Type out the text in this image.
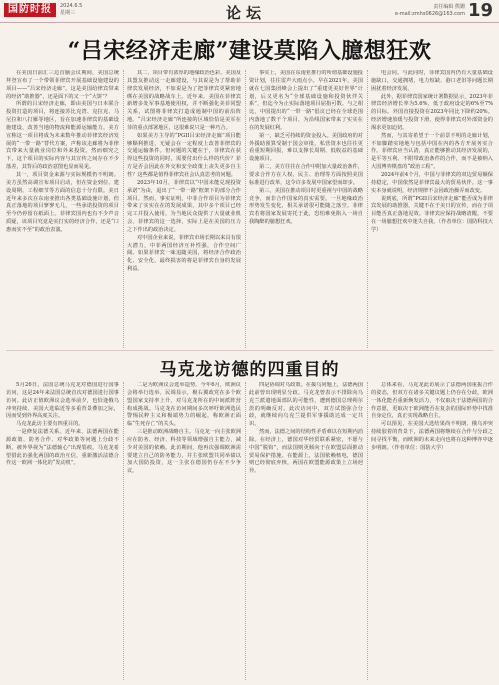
国防时报	2024.6.5
星期三	论坛	责任编辑 熊姗
e-mail:zmhs0626@163.com 19
“吕宋经济走廊”建设莫陷入臆想狂欢

在美国日前汇三边首脑会议期间，美国总统拜登宣布了一个带领菲律宾开展基础设施建设的项目——“吕宋经济走廊”。这是美国给律宾带来的经济“助推器”，还是面下的又一个“大饼”？

所谓的吕宋经济走廊，即由美国与日本联合投资打造的项目，将连接苏比克湾、克拉克、马尼拉和八打雁等地区，旨在加速菲律宾的基础设施建设，改善当地的物流和能源运输能力。美方宣称这一项目将成为未来数年推动菲律宾经济发展的“一带一路”替代方案，声称该走廊将为菲律宾带来大量就业岗位和外来投资。然而细究之下，这个项目的实际内容与其宣传之间存在不少落差，其背后的政治意图也显而易见。

其一，项目资金来源与实际规模仍不明朗。美方虽然高调宣布项目启动，但在资金到位、建设周期、工程细节等方面的信息十分有限。美日近年来多次在东南亚推出各类基础设施计划，但真正落地的项目寥寥无几，一些承诺投资的项目至今仍停留在纸面上。菲律宾国内也有不少声音质疑，该项目究竟是实打实的经济合作，还是“口惠而实不至”的政治表演。

其二，项目带有浓厚的地缘政治色彩。美国及其盟友推动这一走廊建设，与其说是为了帮助菲律宾发展经济，不如说是为了把菲律宾更紧密地绑在美国的战略战车上。近年来，美国在菲律宾新增多处军事基地使用权，并不断强化美菲同盟关系，试图将菲律宾打造成遏制中国的前沿阵地。“吕宋经济走廊”所连接的区域恰恰是美军在菲的重点部署地区，这很难说只是一种巧合。

如果美方主导的“PGII吕宋经济走廊”项目能够顺利推进，无疑会在一定程度上改善菲律宾的交通运输条件。但问题的关键在于，菲律宾在获得这些投资的同时，需要付出什么样的代价？菲方是否会因此在外交和安全政策上丧失更多自主性？这些都是值得菲律宾社会认真思考的问题。

2023年10月，菲律宾以“中国未能兑现投资承诺”为由，退出了“一带一路”框架下的部分合作项目。然而，事实证明，中菲合作项目为菲律宾带来了实实在在的发展成果，其中多个项目已经完工并投入使用，为当地民众提供了大量就业机会。菲律宾的这一选择，实际上是在美国的压力之下作出的政治决定。

对中国企业来说，菲律宾市场长期以来具有很大潜力，中菲两国经济互补性强，合作空间广阔。如果菲律宾一味追随美国，将经济合作政治化、安全化，最终损害的将是菲律宾自身的发展利益。

事实上，美国在东南亚推行的所谓基础设施投资计划，往往雷声大雨点小。早在2021年，美国就在七国集团峰会上提出了“重建更美好世界”计划，后又更名为“全球基础设施和投资伙伴关系”，但迄今为止实际落地项目屈指可数。与之相比，中国提出的“一带一路”倡议已经在全球范围内落地了数千个项目，为沿线国家带来了实实在在的发展红利。

第一，缺乏可持续的资金投入。美国政府的对外援助预算受制于国会审批，私营资本也往往更看重短期回报，难以支撑长周期、低收益的基础设施项目。

第二，美方往往在合作中附加大量政治条件，要求合作方在人权、民主、治理等方面按照美国标准进行改革，这令许多发展中国家望而却步。

第三，美国在推动项目时更重视与中国的战略竞争，而非合作国家的真实需要。一旦地缘政治形势发生变化，相关承诺很可能随之落空。菲律宾若将国家发展寄托于此，恐怕难免陷入一场自我陶醉的臆想狂欢。

电会同。与此同时，菲律宾国内仍有大量基础设施缺口，交通拥堵、电力短缺、港口老旧等问题长期困扰着经济发展。

此外，据菲律宾国家统计署数据显示，2023年菲律宾经济增长率为5.6%，低于政府设定的6%至7%的目标。外国直接投资在2023年同比下降约20%。经济增速放缓与投资下滑，使得菲律宾对外部资金的渴求更加迫切。

然而，与其寄希望于一个前景不明的走廊计划，不如脚踏实地地与包括中国在内的各方开展务实合作。菲律宾应当认清，真正能够推动其经济发展的，是平等互利、不附带政治条件的合作，而不是被纳入大国博弈棋盘的“政治工程”。

2024年前4个月，中国与菲律宾的双边贸易额保持稳定，中国依然是菲律宾最大的贸易伙伴。这一事实本身就说明，经济规律不会因政治操弄而改变。

说到底，所谓“PGII吕宋经济走廊”能否成为菲律宾发展的助推器，关键不在于美日的宣传，而在于项目能否真正落地见效。菲律宾应保持战略清醒，不要在一场臆想狂欢中迷失自我。（作者单位：国防科技大学）

马克龙访德的四重目的

5月26日，法国总统马克龙对德国进行国事访问，这是24年来法国总统首次对德国进行国事访问。此访正值欧洲议会选举前夕，也恰逢俄乌冲突持续、美国大选临近等多重背景叠加之际，因而受到外界高度关注。

马克龙此访主要有四重目的。

一是修复法德关系。近年来，法德两国在能源政策、防务合作、对华政策等问题上分歧不断，被外界视为“法德轴心”出现裂痕。马克龙希望借此访强化两国的政治互信，重新激活法德合作这一欧洲一体化的“发动机”。

二是为欧洲议会选举造势。今年6月，欧洲议会将举行选举。民调显示，极右翼政党在多个欧盟国家支持率上升，对马克龙所在的中间派阵营构成挑战。马克龙在访问期间多次呼吁欧洲选民警惕民粹主义和极端势力的崛起，称欧洲正面临“生死存亡”的关头。

三是推动欧洲战略自主。马克龙一向主张欧洲应在防务、经济、科技等领域增强自主能力，减少对美国的依赖。此访期间，他再次强调欧洲需要建立自己的防务能力，并主张欧盟共同举债以加大国防投资，这一主张在德国仍存在不少争议。

四是协调对乌政策。在援乌问题上，法德两国此前曾出现明显分歧。马克龙曾表示不排除向乌克兰派遣地面部队的可能性，遭到德国总理朔尔茨的明确反对。此次访问中，双方试图弥合分歧，就继续向乌克兰提供军事援助达成一定共识。

然而，法德之间的结构性矛盾难以在短期内消除。在经济上，德国对华经贸联系紧密，不愿与中国“脱钩”，而法国则更倾向于在欧盟层面推动贸易保护措施。在能源上，法国依赖核电，德国则已经彻底弃核，两国在欧盟能源政策上立场迥异。

总体来看，马克龙此访展示了法德两国重振合作的姿态，但双方在诸多关键议题上仍存在分歧。欧洲一体化能否重新焕发活力，不仅取决于法德两国的合作意愿，更取决于欧洲能否在复杂的国际形势中找准自身定位，真正实现战略自主。

可以预见，在美国大选结果尚不明朗、俄乌冲突持续胶着的背景下，法德两国将继续在合作与分歧之间寻找平衡，而欧洲的未来走向也将在这种博弈中逐步明朗。（作者单位：国防大学）
